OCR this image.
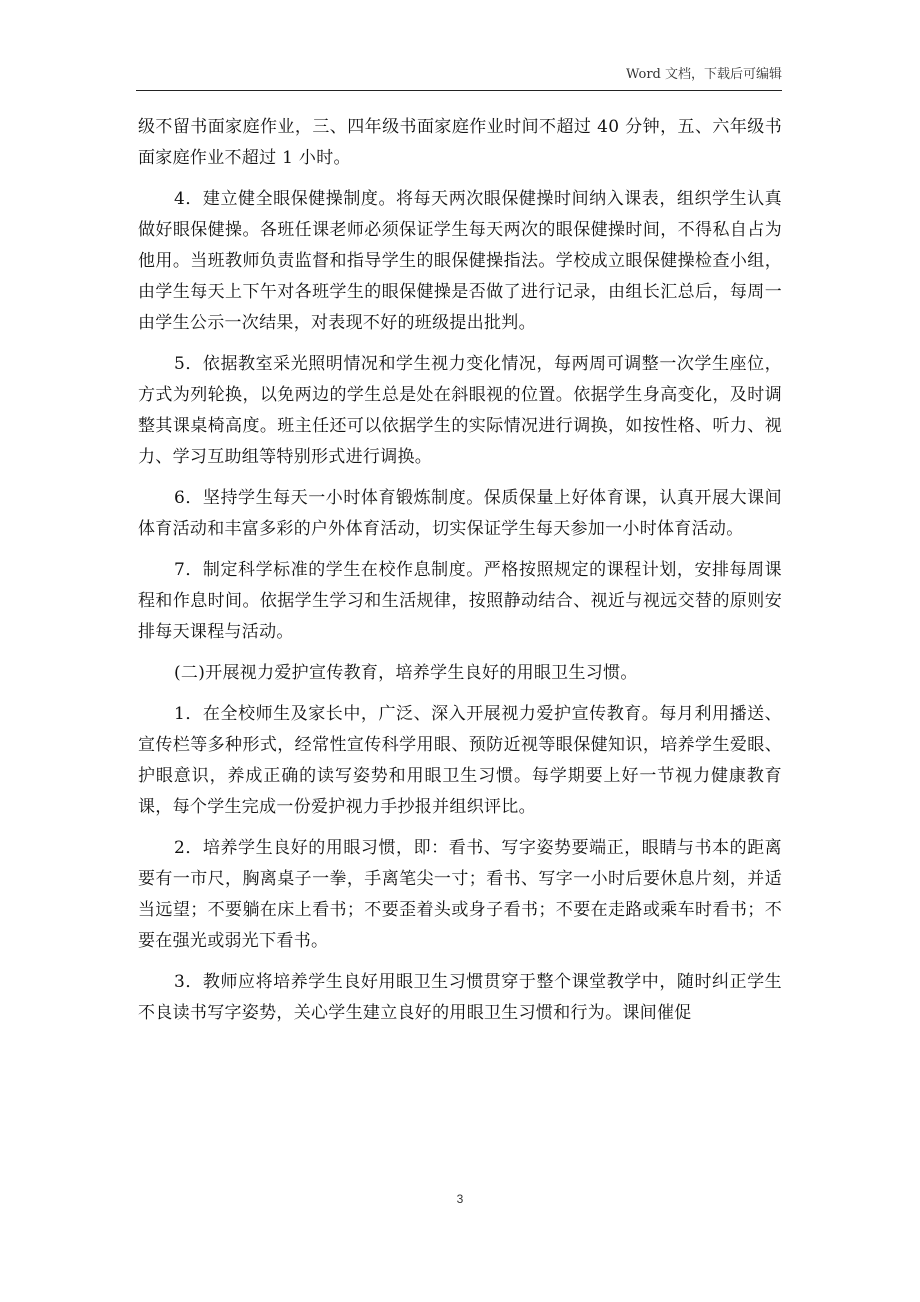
Word 文档，下载后可编辑

级不留书面家庭作业，三、四年级书面家庭作业时间不超过 40 分钟，五、六年级书面家庭作业不超过 1 小时。

4．建立健全眼保健操制度。将每天两次眼保健操时间纳入课表，组织学生认真做好眼保健操。各班任课老师必须保证学生每天两次的眼保健操时间，不得私自占为他用。当班教师负责监督和指导学生的眼保健操指法。学校成立眼保健操检查小组，由学生每天上下午对各班学生的眼保健操是否做了进行记录，由组长汇总后，每周一由学生公示一次结果，对表现不好的班级提出批判。

5．依据教室采光照明情况和学生视力变化情况，每两周可调整一次学生座位，方式为列轮换，以免两边的学生总是处在斜眼视的位置。依据学生身高变化，及时调整其课桌椅高度。班主任还可以依据学生的实际情况进行调换，如按性格、听力、视力、学习互助组等特别形式进行调换。

6．坚持学生每天一小时体育锻炼制度。保质保量上好体育课，认真开展大课间体育活动和丰富多彩的户外体育活动，切实保证学生每天参加一小时体育活动。

7．制定科学标准的学生在校作息制度。严格按照规定的课程计划，安排每周课程和作息时间。依据学生学习和生活规律，按照静动结合、视近与视远交替的原则安排每天课程与活动。

(二)开展视力爱护宣传教育，培养学生良好的用眼卫生习惯。

1．在全校师生及家长中，广泛、深入开展视力爱护宣传教育。每月利用播送、宣传栏等多种形式，经常性宣传科学用眼、预防近视等眼保健知识，培养学生爱眼、护眼意识，养成正确的读写姿势和用眼卫生习惯。每学期要上好一节视力健康教育课，每个学生完成一份爱护视力手抄报并组织评比。

2．培养学生良好的用眼习惯，即：看书、写字姿势要端正，眼睛与书本的距离要有一市尺，胸离桌子一拳，手离笔尖一寸；看书、写字一小时后要休息片刻，并适当远望；不要躺在床上看书；不要歪着头或身子看书；不要在走路或乘车时看书；不要在强光或弱光下看书。

3．教师应将培养学生良好用眼卫生习惯贯穿于整个课堂教学中，随时纠正学生不良读书写字姿势，关心学生建立良好的用眼卫生习惯和行为。课间催促

3
